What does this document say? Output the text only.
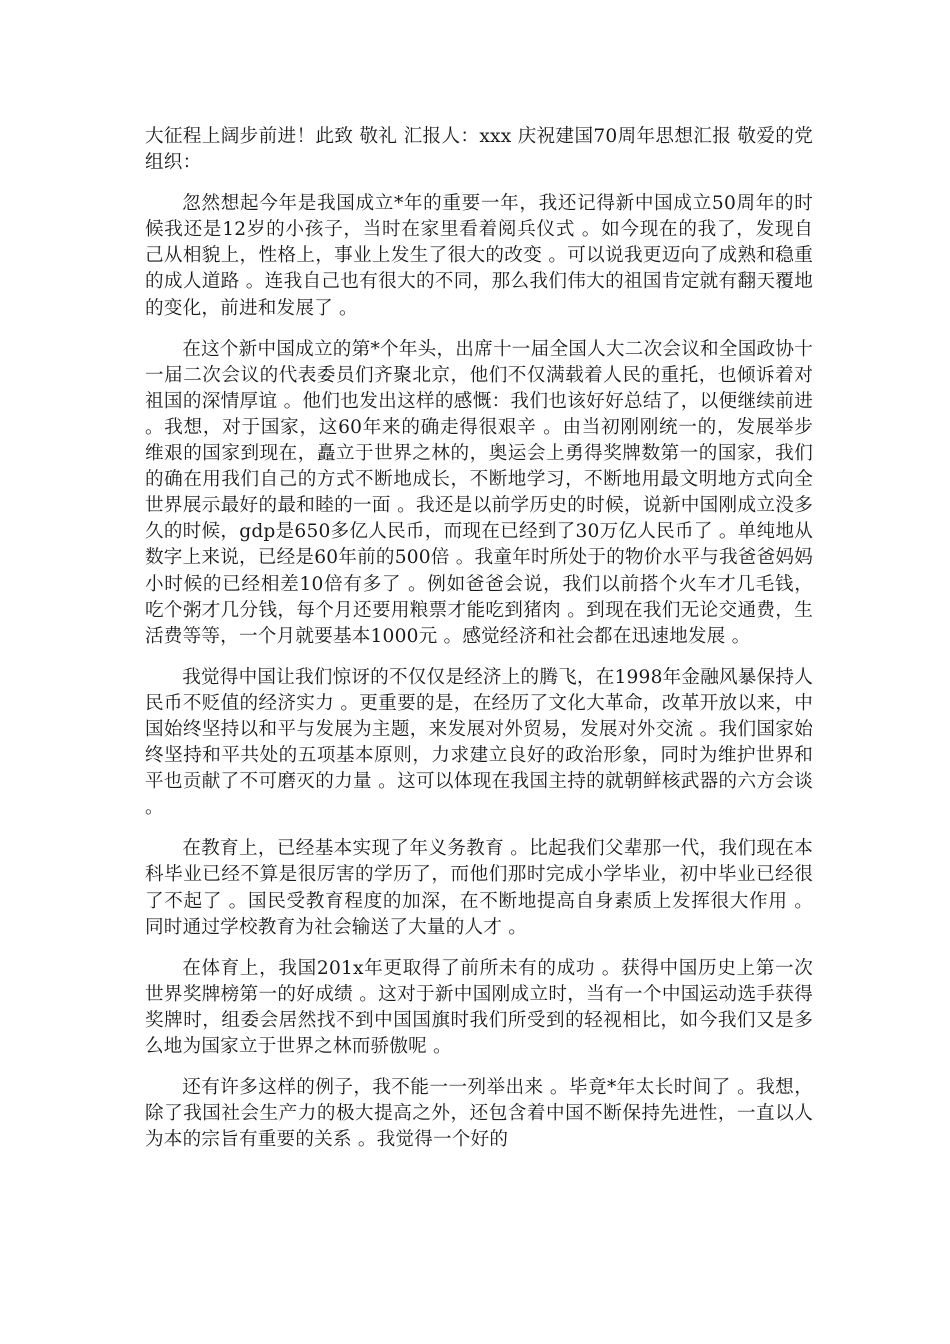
大征程上阔步前进！此致 敬礼 汇报人：xxx 庆祝建国70周年思想汇报 敬爱的党组织：

忽然想起今年是我国成立*年的重要一年，我还记得新中国成立50周年的时候我还是12岁的小孩子，当时在家里看着阅兵仪式 。如今现在的我了，发现自己从相貌上，性格上，事业上发生了很大的改变 。可以说我更迈向了成熟和稳重的成人道路 。连我自己也有很大的不同，那么我们伟大的祖国肯定就有翻天覆地的变化，前进和发展了 。

在这个新中国成立的第*个年头，出席十一届全国人大二次会议和全国政协十一届二次会议的代表委员们齐聚北京，他们不仅满载着人民的重托，也倾诉着对祖国的深情厚谊 。他们也发出这样的感慨：我们也该好好总结了，以便继续前进 。我想，对于国家，这60年来的确走得很艰辛 。由当初刚刚统一的，发展举步维艰的国家到现在，矗立于世界之林的，奥运会上勇得奖牌数第一的国家，我们的确在用我们自己的方式不断地成长，不断地学习，不断地用最文明地方式向全世界展示最好的最和睦的一面 。我还是以前学历史的时候，说新中国刚成立没多久的时候，gdp是650多亿人民币，而现在已经到了30万亿人民币了 。单纯地从数字上来说，已经是60年前的500倍 。我童年时所处于的物价水平与我爸爸妈妈小时候的已经相差10倍有多了 。例如爸爸会说，我们以前搭个火车才几毛钱，吃个粥才几分钱，每个月还要用粮票才能吃到猪肉 。到现在我们无论交通费，生活费等等，一个月就要基本1000元 。感觉经济和社会都在迅速地发展 。

我觉得中国让我们惊讶的不仅仅是经济上的腾飞，在1998年金融风暴保持人民币不贬值的经济实力 。更重要的是，在经历了文化大革命，改革开放以来，中国始终坚持以和平与发展为主题，来发展对外贸易，发展对外交流 。我们国家始终坚持和平共处的五项基本原则，力求建立良好的政治形象，同时为维护世界和平也贡献了不可磨灭的力量 。这可以体现在我国主持的就朝鲜核武器的六方会谈 。

在教育上，已经基本实现了年义务教育 。比起我们父辈那一代，我们现在本科毕业已经不算是很厉害的学历了，而他们那时完成小学毕业，初中毕业已经很了不起了 。国民受教育程度的加深，在不断地提高自身素质上发挥很大作用 。同时通过学校教育为社会输送了大量的人才 。

在体育上，我国201x年更取得了前所未有的成功 。获得中国历史上第一次世界奖牌榜第一的好成绩 。这对于新中国刚成立时，当有一个中国运动选手获得奖牌时，组委会居然找不到中国国旗时我们所受到的轻视相比，如今我们又是多么地为国家立于世界之林而骄傲呢 。

还有许多这样的例子，我不能一一列举出来 。毕竟*年太长时间了 。我想，除了我国社会生产力的极大提高之外，还包含着中国不断保持先进性，一直以人为本的宗旨有重要的关系 。我觉得一个好的
